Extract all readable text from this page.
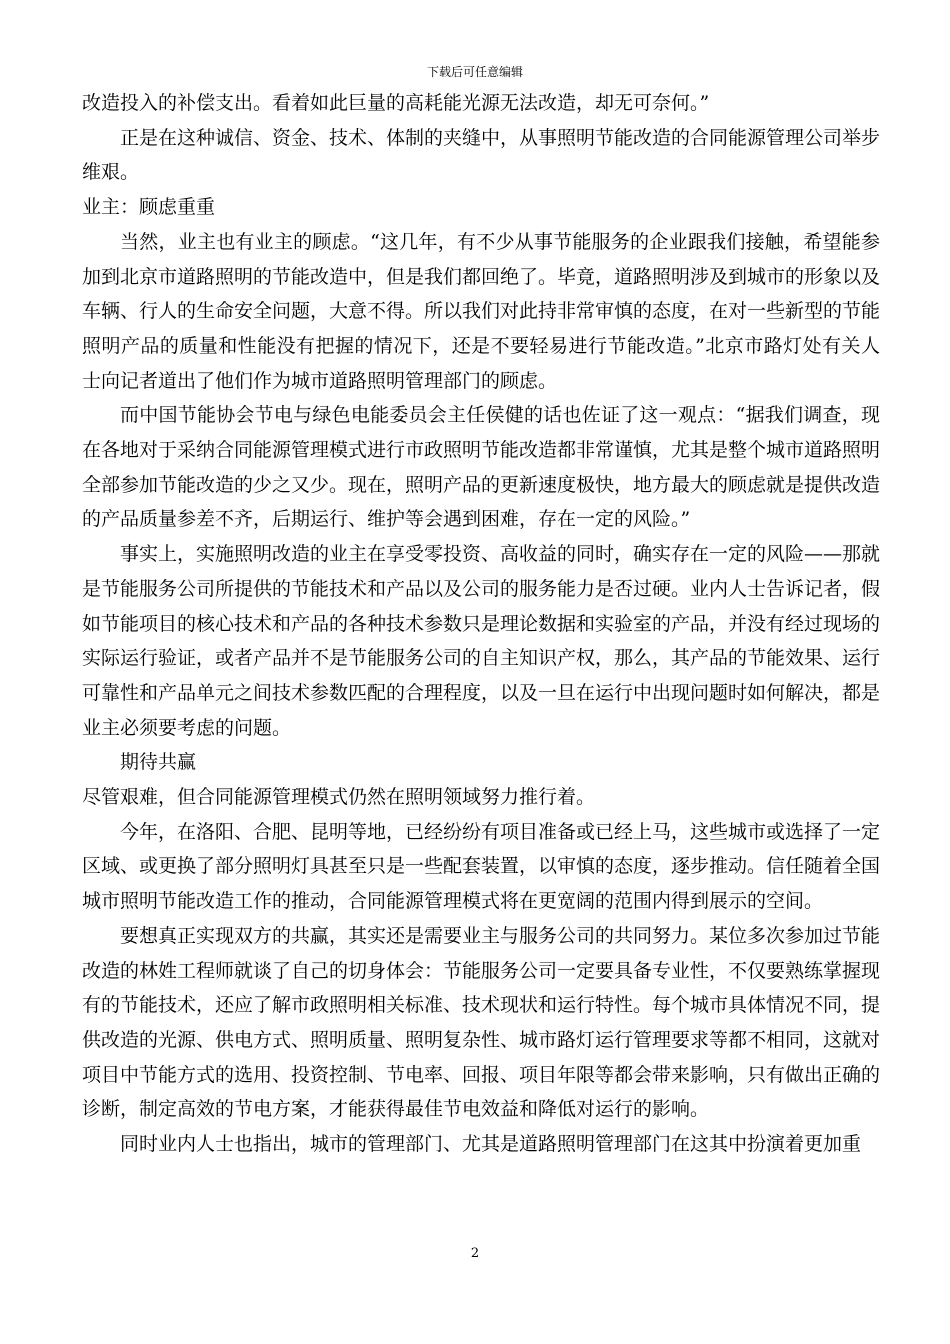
下载后可任意编辑

改造投入的补偿支出。看着如此巨量的高耗能光源无法改造，却无可奈何。”

正是在这种诚信、资金、技术、体制的夹缝中，从事照明节能改造的合同能源管理公司举步维艰。

业主：顾虑重重

当然，业主也有业主的顾虑。“这几年，有不少从事节能服务的企业跟我们接触，希望能参加到北京市道路照明的节能改造中，但是我们都回绝了。毕竟，道路照明涉及到城市的形象以及车辆、行人的生命安全问题，大意不得。所以我们对此持非常审慎的态度，在对一些新型的节能照明产品的质量和性能没有把握的情况下，还是不要轻易进行节能改造。”北京市路灯处有关人士向记者道出了他们作为城市道路照明管理部门的顾虑。

而中国节能协会节电与绿色电能委员会主任侯健的话也佐证了这一观点：“据我们调查，现在各地对于采纳合同能源管理模式进行市政照明节能改造都非常谨慎，尤其是整个城市道路照明全部参加节能改造的少之又少。现在，照明产品的更新速度极快，地方最大的顾虑就是提供改造的产品质量参差不齐，后期运行、维护等会遇到困难，存在一定的风险。”

事实上，实施照明改造的业主在享受零投资、高收益的同时，确实存在一定的风险——那就是节能服务公司所提供的节能技术和产品以及公司的服务能力是否过硬。业内人士告诉记者，假如节能项目的核心技术和产品的各种技术参数只是理论数据和实验室的产品，并没有经过现场的实际运行验证，或者产品并不是节能服务公司的自主知识产权，那么，其产品的节能效果、运行可靠性和产品单元之间技术参数匹配的合理程度，以及一旦在运行中出现问题时如何解决，都是业主必须要考虑的问题。

期待共赢

尽管艰难，但合同能源管理模式仍然在照明领域努力推行着。

今年，在洛阳、合肥、昆明等地，已经纷纷有项目准备或已经上马，这些城市或选择了一定区域、或更换了部分照明灯具甚至只是一些配套装置，以审慎的态度，逐步推动。信任随着全国城市照明节能改造工作的推动，合同能源管理模式将在更宽阔的范围内得到展示的空间。

要想真正实现双方的共赢，其实还是需要业主与服务公司的共同努力。某位多次参加过节能改造的林姓工程师就谈了自己的切身体会：节能服务公司一定要具备专业性，不仅要熟练掌握现有的节能技术，还应了解市政照明相关标准、技术现状和运行特性。每个城市具体情况不同，提供改造的光源、供电方式、照明质量、照明复杂性、城市路灯运行管理要求等都不相同，这就对项目中节能方式的选用、投资控制、节电率、回报、项目年限等都会带来影响，只有做出正确的诊断，制定高效的节电方案，才能获得最佳节电效益和降低对运行的影响。

同时业内人士也指出，城市的管理部门、尤其是道路照明管理部门在这其中扮演着更加重

2
